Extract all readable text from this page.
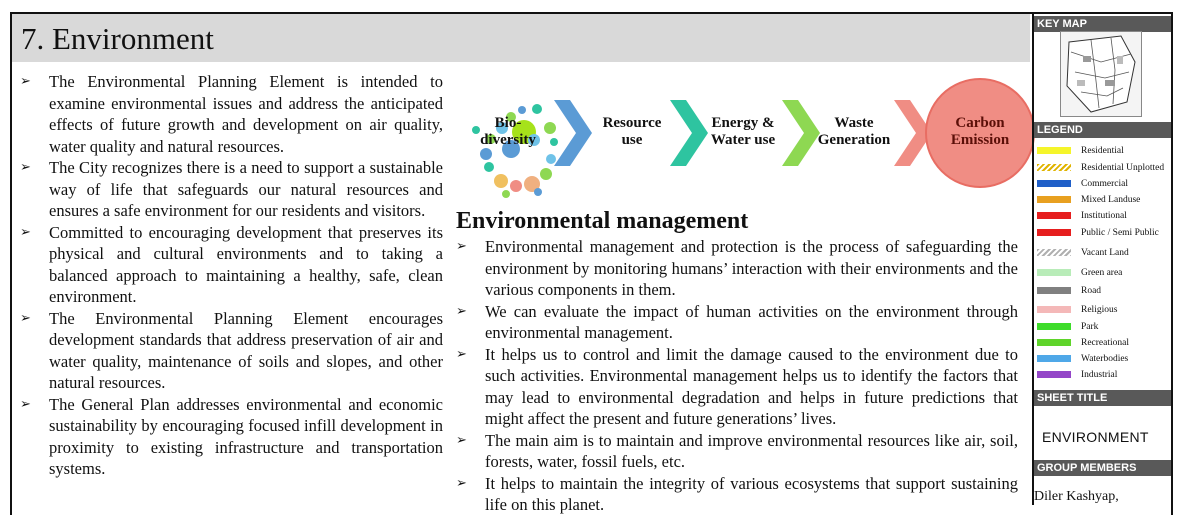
7. Environment
➢ The Environmental Planning Element is intended to examine environmental issues and address the anticipated effects of future growth and development on air quality, water quality and natural resources.
➢ The City recognizes there is a need to support a sustainable way of life that safeguards our natural resources and ensures a safe environment for our residents and visitors.
➢ Committed to encouraging development that preserves its physical and cultural environments and to taking a balanced approach to maintaining a healthy, safe, clean environment.
➢ The Environmental Planning Element encourages development standards that address preservation of air and water quality, maintenance of soils and slopes, and other natural resources.
➢ The General Plan addresses environmental and economic sustainability by encouraging focused infill development in proximity to existing infrastructure and transportation systems.
Bio-
diversity
Resource
use
Energy &
Water use
Waste
Generation
Carbon
Emission
Environmental management
➢ Environmental management and protection is the process of safeguarding the environment by monitoring humans’ interaction with their environments and the various components in them.
➢ We can evaluate the impact of human activities on the environment through environmental management.
➢ It helps us to control and limit the damage caused to the environment due to such activities. Environmental management helps us to identify the factors that may lead to environmental degradation and helps in future predictions that might affect the present and future generations’ lives.
➢ The main aim is to maintain and improve environmental resources like air, soil, forests, water, fossil fuels, etc.
➢ It helps to maintain the integrity of various ecosystems that support sustaining life on this planet.
KEY MAP
LEGEND
Residential
Residential Unplotted
Commercial
Mixed Landuse
Institutional
Public / Semi Public
Vacant Land
Green area
Road
Religious
Park
Recreational
Waterbodies
Industrial
SHEET TITLE
ENVIRONMENT
GROUP MEMBERS
Diler Kashyap,
